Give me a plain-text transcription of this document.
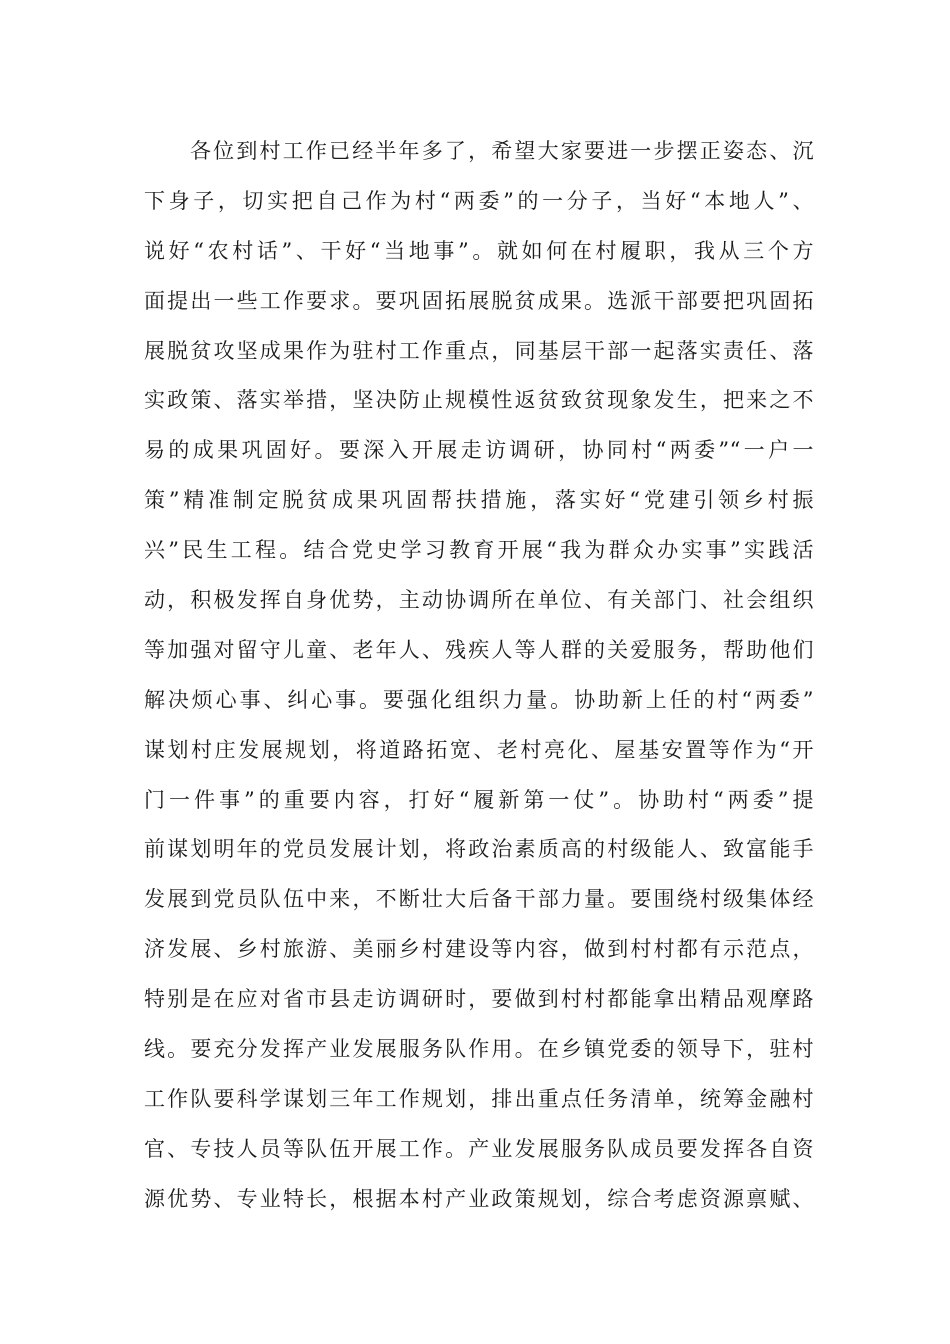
各位到村工作已经半年多了，希望大家要进一步摆正姿态、沉
下身子，切实把自己作为村“两委”的一分子，当好“本地人”、
说好“农村话”、干好“当地事”。就如何在村履职，我从三个方
面提出一些工作要求。要巩固拓展脱贫成果。选派干部要把巩固拓
展脱贫攻坚成果作为驻村工作重点，同基层干部一起落实责任、落
实政策、落实举措，坚决防止规模性返贫致贫现象发生，把来之不
易的成果巩固好。要深入开展走访调研，协同村“两委”“一户一
策”精准制定脱贫成果巩固帮扶措施，落实好“党建引领乡村振
兴”民生工程。结合党史学习教育开展“我为群众办实事”实践活
动，积极发挥自身优势，主动协调所在单位、有关部门、社会组织
等加强对留守儿童、老年人、残疾人等人群的关爱服务，帮助他们
解决烦心事、纠心事。要强化组织力量。协助新上任的村“两委”
谋划村庄发展规划，将道路拓宽、老村亮化、屋基安置等作为“开
门一件事”的重要内容，打好“履新第一仗”。协助村“两委”提
前谋划明年的党员发展计划，将政治素质高的村级能人、致富能手
发展到党员队伍中来，不断壮大后备干部力量。要围绕村级集体经
济发展、乡村旅游、美丽乡村建设等内容，做到村村都有示范点，
特别是在应对省市县走访调研时，要做到村村都能拿出精品观摩路
线。要充分发挥产业发展服务队作用。在乡镇党委的领导下，驻村
工作队要科学谋划三年工作规划，排出重点任务清单，统筹金融村
官、专技人员等队伍开展工作。产业发展服务队成员要发挥各自资
源优势、专业特长，根据本村产业政策规划，综合考虑资源禀赋、
